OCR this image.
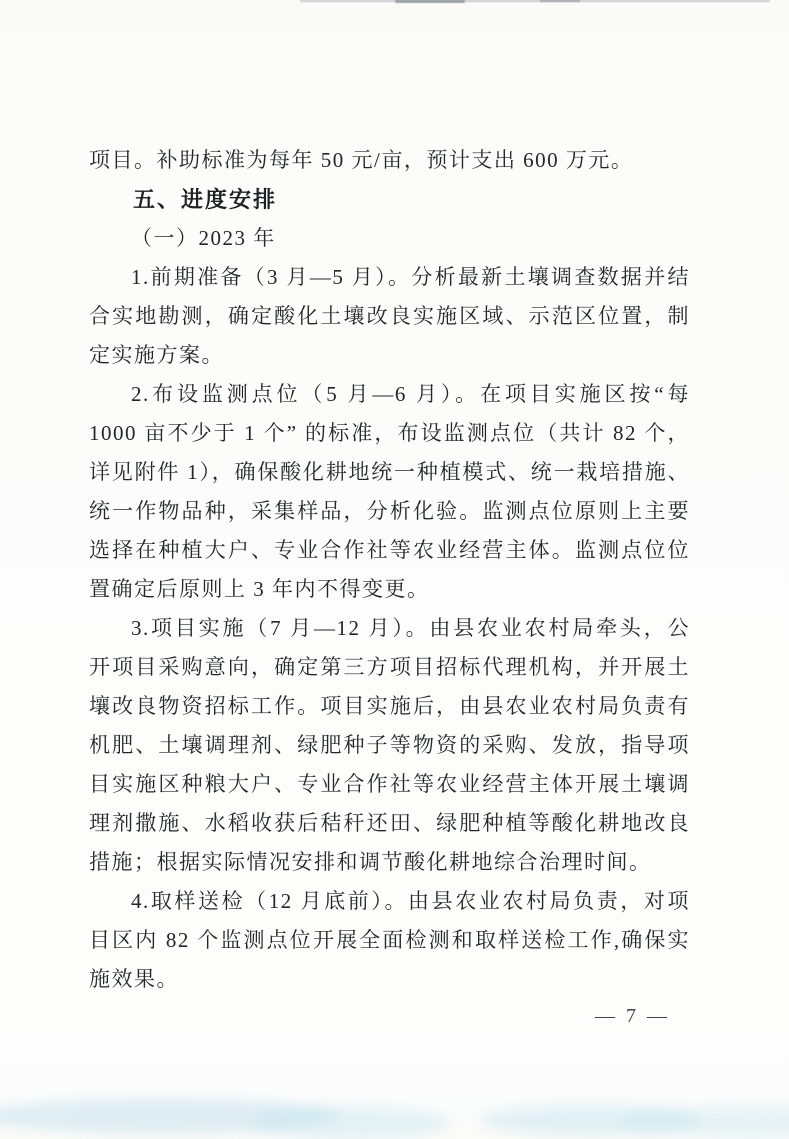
项目。补助标准为每年 50 元/亩，预计支出 600 万元。
五、进度安排
（一）2023 年
1.前期准备（3 月—5 月）。分析最新土壤调查数据并结
合实地勘测，确定酸化土壤改良实施区域、示范区位置，制
定实施方案。
2.布设监测点位（5 月—6 月）。在项目实施区按“每
1000 亩不少于 1 个” 的标准，布设监测点位（共计 82 个，
详见附件 1），确保酸化耕地统一种植模式、统一栽培措施、
统一作物品种，采集样品，分析化验。监测点位原则上主要
选择在种植大户、专业合作社等农业经营主体。监测点位位
置确定后原则上 3 年内不得变更。
3.项目实施（7 月—12 月）。由县农业农村局牵头，公
开项目采购意向，确定第三方项目招标代理机构，并开展土
壤改良物资招标工作。项目实施后，由县农业农村局负责有
机肥、土壤调理剂、绿肥种子等物资的采购、发放，指导项
目实施区种粮大户、专业合作社等农业经营主体开展土壤调
理剂撒施、水稻收获后秸秆还田、绿肥种植等酸化耕地改良
措施；根据实际情况安排和调节酸化耕地综合治理时间。
4.取样送检（12 月底前）。由县农业农村局负责，对项
目区内 82 个监测点位开展全面检测和取样送检工作,确保实
施效果。
— 7 —
